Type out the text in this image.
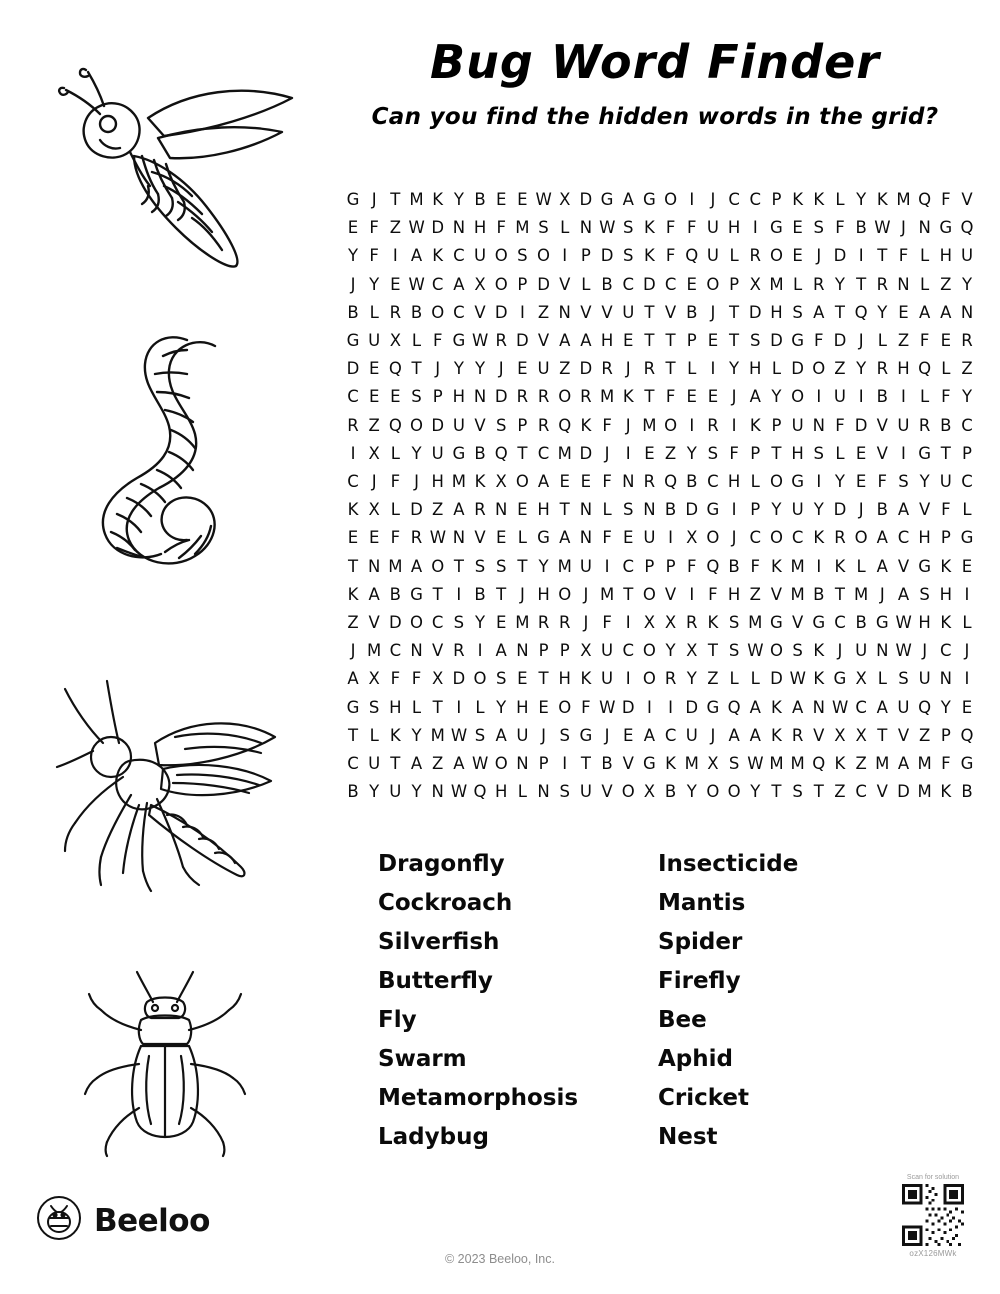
Bug Word Finder

Can you find the hidden words in the grid?

G J T M K Y B E E W X D G A G O I J C C P K K L Y K M Q F V
E F Z W D N H F M S L N W S K F F U H I G E S F B W J N G Q
Y F I A K C U O S O I P D S K F Q U L R O E J D I T F L H U
J Y E W C A X O P D V L B C D C E O P X M L R Y T R N L Z Y
B L R B O C V D I Z N V V U T V B J T D H S A T Q Y E A A N
G U X L F G W R D V A A H E T T P E T S D G F D J L Z F E R
D E Q T J Y Y J E U Z D R J R T L I Y H L D O Z Y R H Q L Z
C E E S P H N D R R O R M K T F E E J A Y O I U I B I L F Y
R Z Q O D U V S P R Q K F J M O I R I K P U N F D V U R B C
I X L Y U G B Q T C M D J I E Z Y S F P T H S L E V I G T P
C J F J H M K X O A E E F N R Q B C H L O G I Y E F S Y U C
K X L D Z A R N E H T N L S N B D G I P Y U Y D J B A V F L
E E F R W N V E L G A N F E U I X O J C O C K R O A C H P G
T N M A O T S S T Y M U I C P P F Q B F K M I K L A V G K E
K A B G T I B T J H O J M T O V I F H Z V M B T M J A S H I
Z V D O C S Y E M R R J F I X X R K S M G V G C B G W H K L
J M C N V R I A N P P X U C O Y X T S W O S K J U N W J C J
A X F F X D O S E T H K U I O R Y Z L L D W K G X L S U N I
G S H L T I L Y H E O F W D I I D G Q A K A N W C A U Q Y E
T L K Y M W S A U J S G J E A C U J A A K R V X X T V Z P Q
C U T A Z A W O N P I T B V G K M X S W M M Q K Z M A M F G
B Y U Y N W Q H L N S U V O X B Y O O Y T S T Z C V D M K B
Dragonfly
Cockroach
Silverfish
Butterfly
Fly
Swarm
Metamorphosis
Ladybug
Insecticide
Mantis
Spider
Firefly
Bee
Aphid
Cricket
Nest
Beeloo
© 2023 Beeloo, Inc.
Scan for solution
ozX126MWk
